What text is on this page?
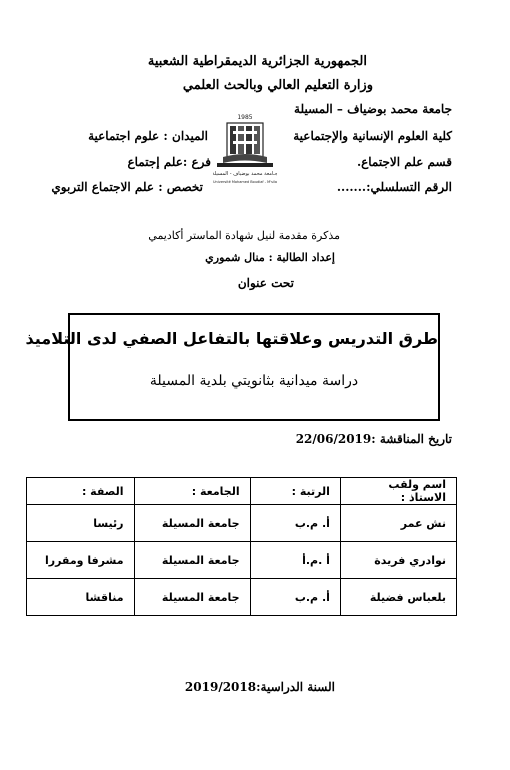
الجمهورية الجزائرية الديمقراطية الشعبية
وزارة التعليم العالي وبالحث العلمي
جامعة محمد بوضياف – المسيلة
كلية العلوم الإنسانية والإجتماعية
الميدان : علوم اجتماعية
قسم علم الاجتماع.
فرع :علم إجتماع
الرقم التسلسلي:.......
تخصص : علم الاجتماع التربوي
1985
جـامعة محمد بوضياف - المسيلة
Université Mohamed Boudiaf - M'sila
مذكرة مقدمة لنيل شهادة الماستر أكاديمي
إعداد الطالبة : منال شموري
تحت عنوان
طرق التدريس وعلاقتها بالتفاعل الصفي لدى التلاميذ
دراسة ميدانية بثانويتي بلدية المسيلة
تاريخ المناقشة :22/06/2019
اسم ولقب الاستاذ :	الرتبة :	الجامعة :	الصفة :
نش عمر	أ. م.ب	جامعة المسيلة	رئيسا
نوادري فريدة	أ .م.أ	جامعة المسيلة	مشرفا ومقررا
بلعباس فضيلة	أ. م.ب	جامعة المسيلة	مناقشا
السنة الدراسية:2019/2018
